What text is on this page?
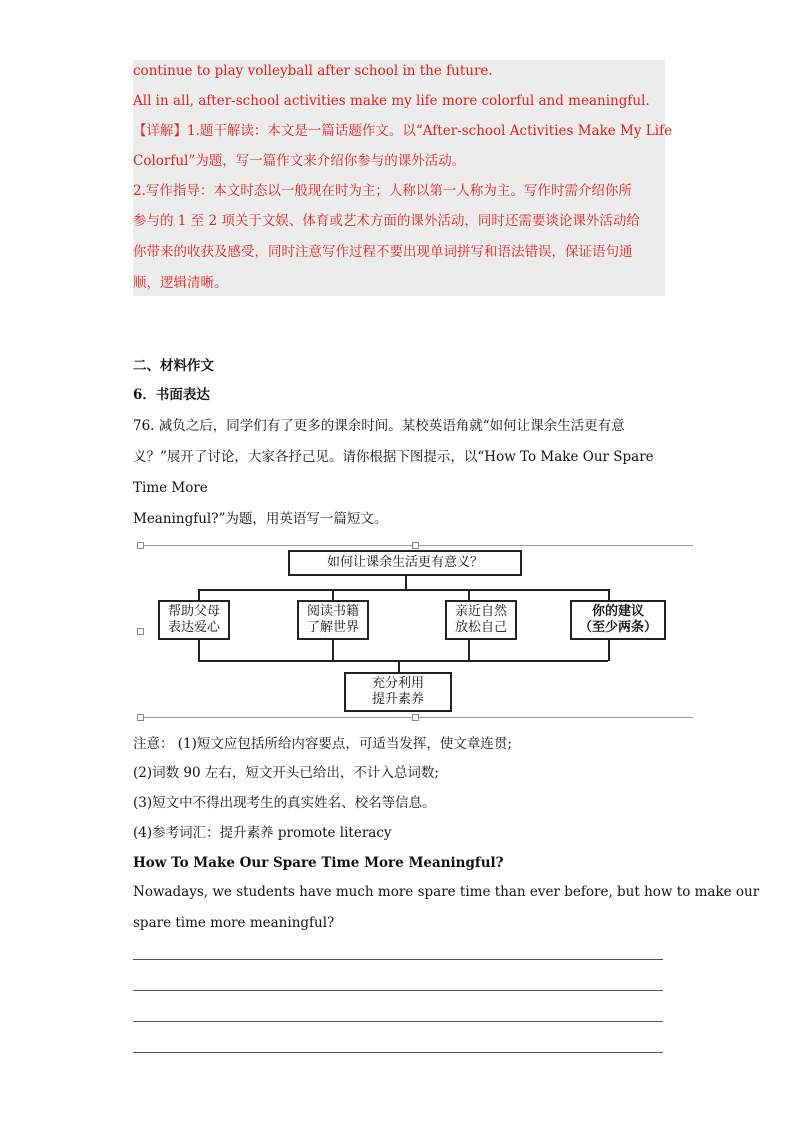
continue to play volleyball after school in the future.
All in all, after-school activities make my life more colorful and meaningful.
【详解】1.题干解读：本文是一篇话题作文。以“After-school Activities Make My Life
Colorful”为题，写一篇作文来介绍你参与的课外活动。
2.写作指导：本文时态以一般现在时为主；人称以第一人称为主。写作时需介绍你所
参与的 1 至 2 项关于文娱、体育或艺术方面的课外活动，同时还需要谈论课外活动给
你带来的收获及感受，同时注意写作过程不要出现单词拼写和语法错误，保证语句通
顺，逻辑清晰。
二、材料作文
6．书面表达
76. 减负之后，同学们有了更多的课余时间。某校英语角就“如何让课余生活更有意
义？”展开了讨论，大家各抒己见。请你根据下图提示，以“How To Make Our Spare
Time More
Meaningful?”为题，用英语写一篇短文。
如何让课余生活更有意义？
帮助父母
表达爱心
阅读书籍
了解世界
亲近自然
放松自己
你的建议
（至少两条）
充分利用
提升素养
注意： (1)短文应包括所给内容要点，可适当发挥，使文章连贯;
(2)词数 90 左右，短文开头已给出，不计入总词数;
(3)短文中不得出现考生的真实姓名、校名等信息。
(4)参考词汇：提升素养 promote literacy
How To Make Our Spare Time More Meaningful?
Nowadays, we students have much more spare time than ever before, but how to make our
spare time more meaningful?
